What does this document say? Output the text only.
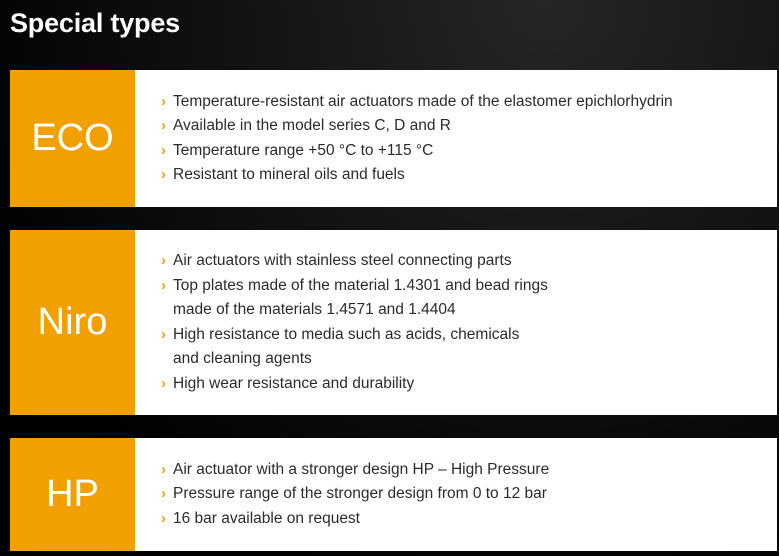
Special types
ECO
› Temperature-resistant air actuators made of the elastomer epichlorhydrin
› Available in the model series C, D and R
› Temperature range +50 °C to +115 °C
› Resistant to mineral oils and fuels
Niro
› Air actuators with stainless steel connecting parts
› Top plates made of the material 1.4301 and bead rings
made of the materials 1.4571 and 1.4404
› High resistance to media such as acids, chemicals
and cleaning agents
› High wear resistance and durability
HP
› Air actuator with a stronger design HP – High Pressure
› Pressure range of the stronger design from 0 to 12 bar
› 16 bar available on request
